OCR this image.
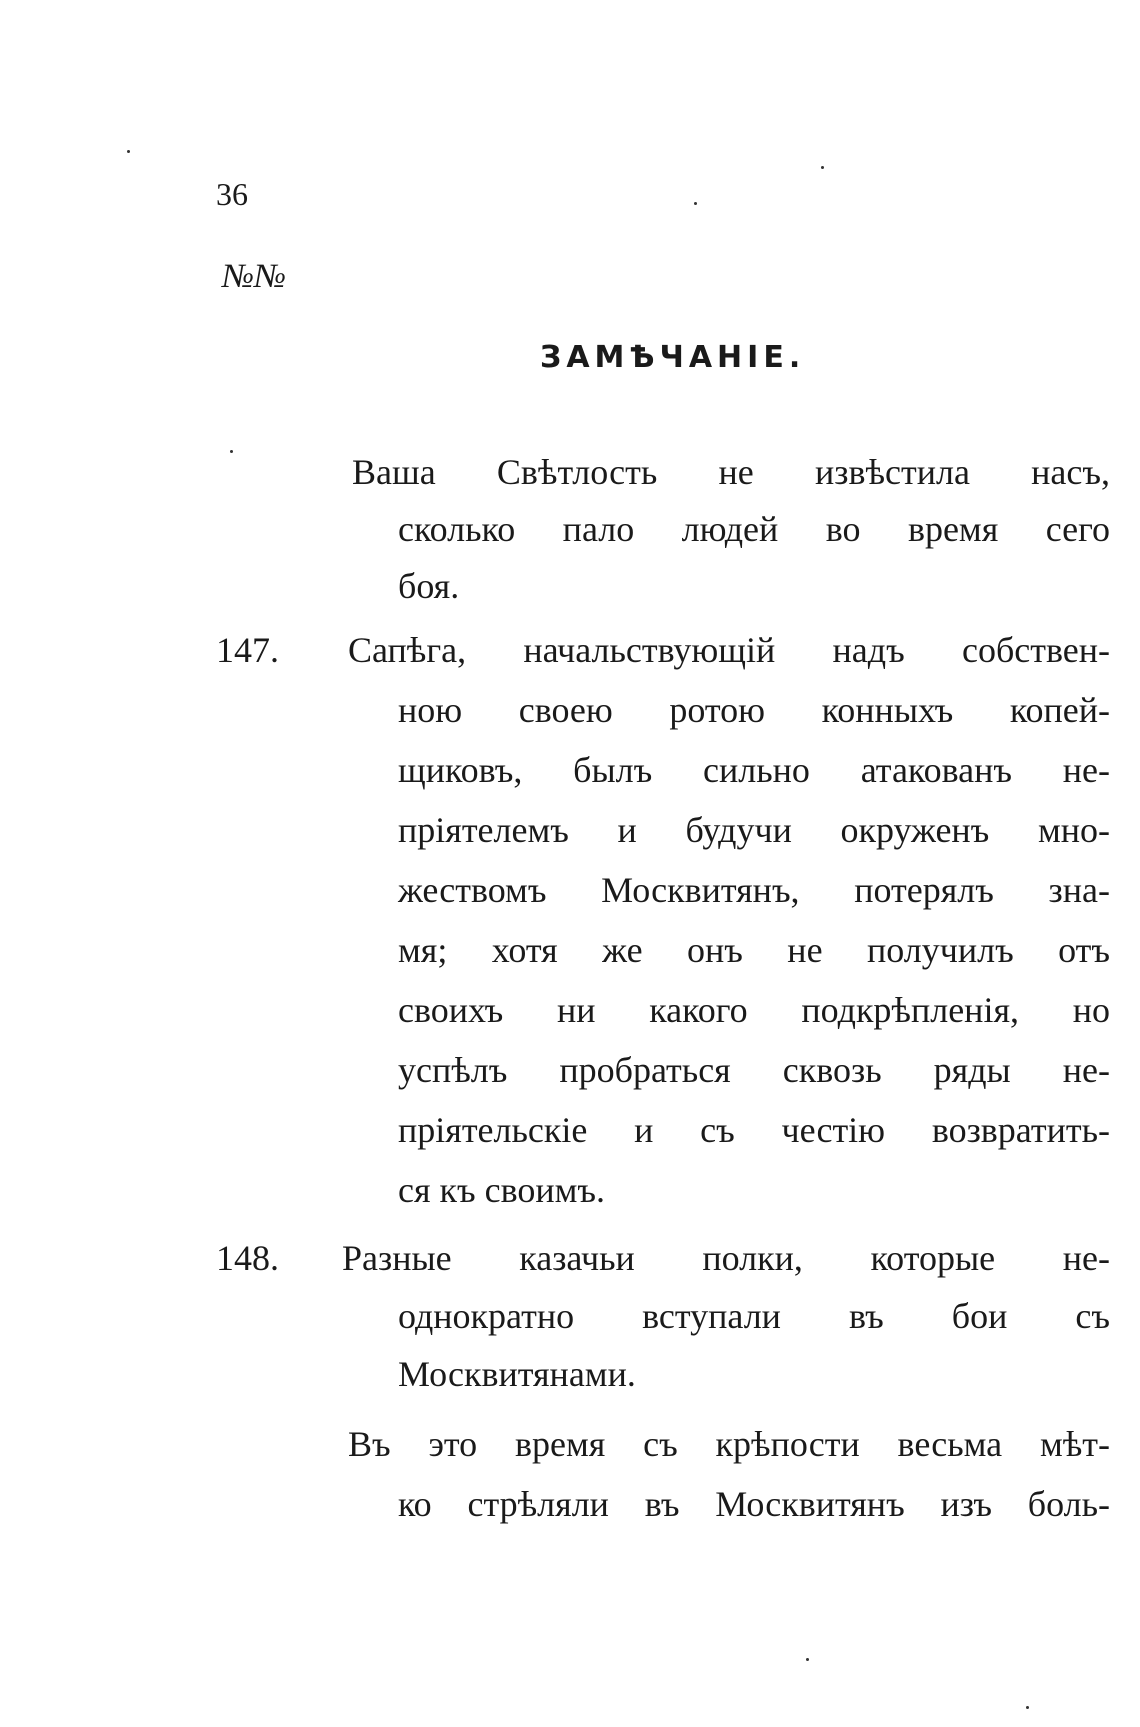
36
№№
ЗАМѢЧАНІЕ.
Ваша Свѣтлость не извѣстила насъ,
сколько пало людей во время сего
боя.
147. Сапѣга, начальствующій надъ собствен-
ною своею ротою конныхъ копей-
щиковъ, былъ сильно атакованъ не-
пріятелемъ и будучи окруженъ мно-
жествомъ Москвитянъ, потерялъ зна-
мя; хотя же онъ не получилъ отъ
своихъ ни какого подкрѣпленія, но
успѣлъ пробраться сквозь ряды не-
пріятельскіе и съ честію возвратить-
ся къ своимъ.
148. Разные казачьи полки, которые не-
однократно вступали въ бои съ
Москвитянами.
Въ это время съ крѣпости весьма мѣт-
ко стрѣляли въ Москвитянъ изъ боль-
